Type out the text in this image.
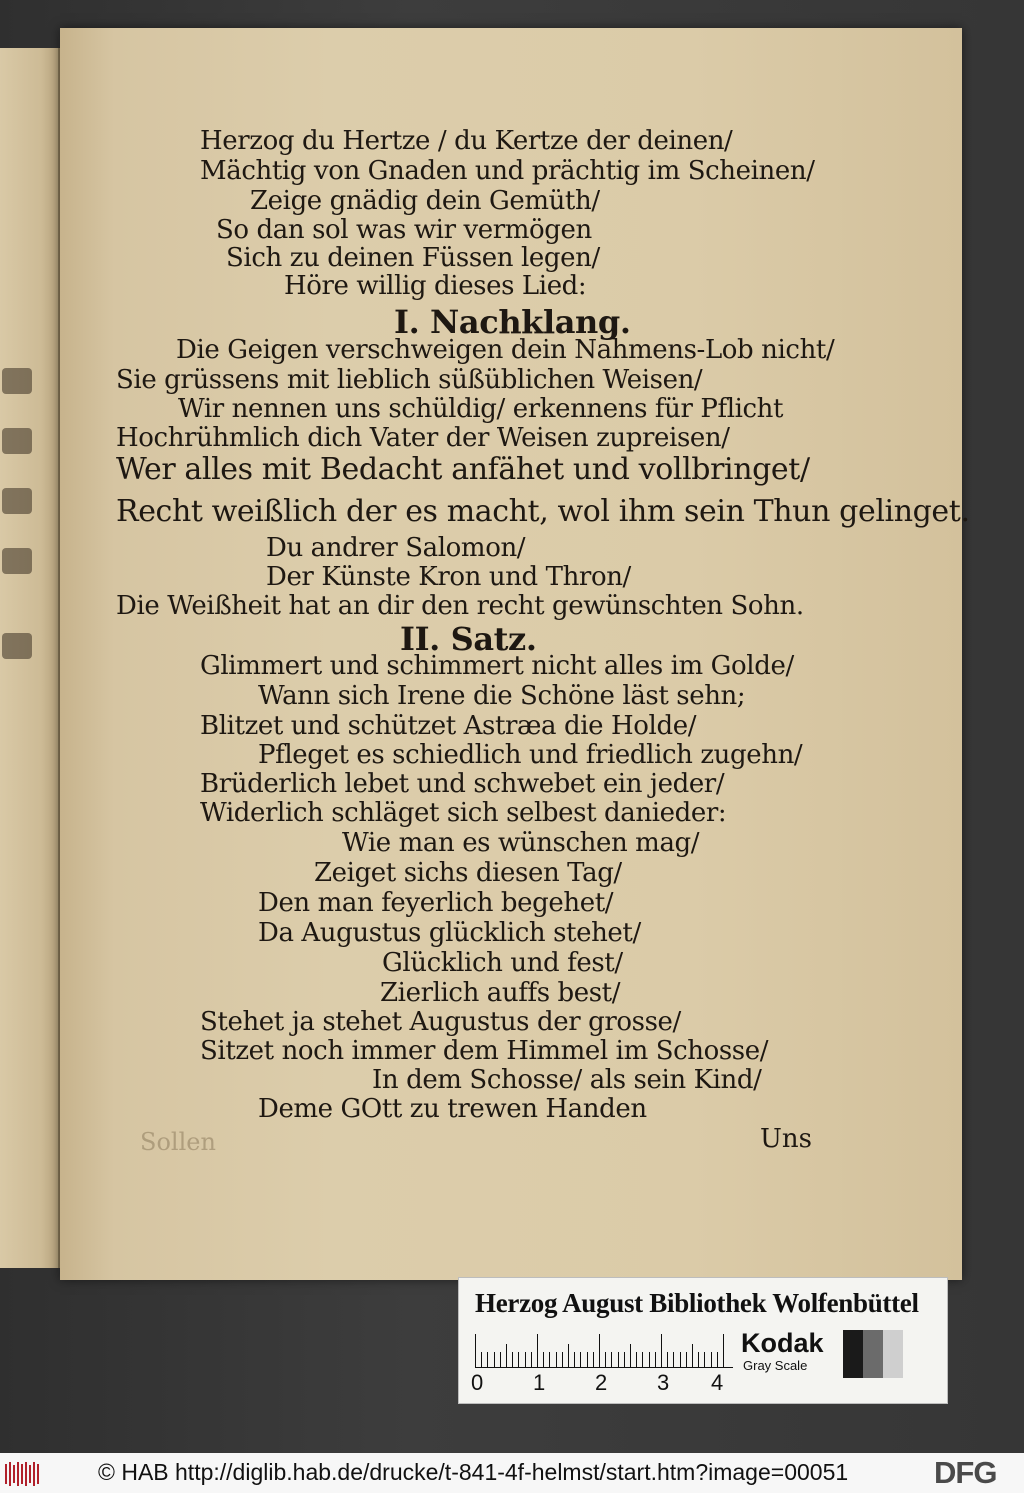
Herzog du Hertze / du Kertze der deinen/
Mächtig von Gnaden und prächtig im Scheinen/
Zeige gnädig dein Gemüth/
So dan sol was wir vermögen
Sich zu deinen Füssen legen/
Höre willig dieses Lied:
I. Nachklang.
Die Geigen verschweigen dein Nahmens-Lob nicht/
Sie grüssens mit lieblich süßüblichen Weisen/
Wir nennen uns schüldig/ erkennens für Pflicht
Hochrühmlich dich Vater der Weisen zupreisen/
Wer alles mit Bedacht anfähet und vollbringet/
Recht weißlich der es macht, wol ihm sein Thun gelinget.
Du andrer Salomon/
Der Künste Kron und Thron/
Die Weißheit hat an dir den recht gewünschten Sohn.
II. Satz.
Glimmert und schimmert nicht alles im Golde/
Wann sich Irene die Schöne läst sehn;
Blitzet und schützet Astræa die Holde/
Pfleget es schiedlich und friedlich zugehn/
Brüderlich lebet und schwebet ein jeder/
Widerlich schläget sich selbest danieder:
Wie man es wünschen mag/
Zeiget sichs diesen Tag/
Den man feyerlich begehet/
Da Augustus glücklich stehet/
Glücklich und fest/
Zierlich auffs best/
Stehet ja stehet Augustus der grosse/
Sitzet noch immer dem Himmel im Schosse/
In dem Schosse/ als sein Kind/
Deme GOtt zu trewen Handen
Sollen	Uns
Herzog August Bibliothek Wolfenbüttel
0 1 2 3 4
Kodak
Gray Scale
© HAB http://diglib.hab.de/drucke/t-841-4f-helmst/start.htm?image=00051	DFG
